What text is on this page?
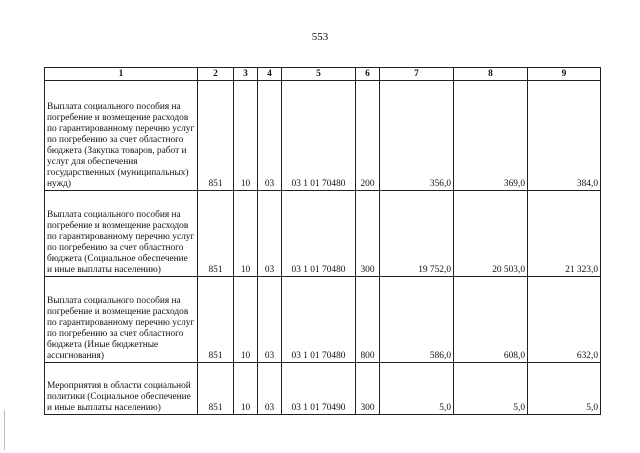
553
1	2	3	4	5	6	7	8	9
Выплата социального пособия на погребение и возмещение расходов по гарантированному перечню услуг по погребению за счет областного бюджета (Закупка товаров, работ и услуг для обеспечения государственных (муниципальных) нужд)	851	10	03	03 1 01 70480	200	356,0	369,0	384,0
Выплата социального пособия на погребение и возмещение расходов по гарантированному перечню услуг по погребению за счет областного бюджета (Социальное обеспечение и иные выплаты населению)	851	10	03	03 1 01 70480	300	19 752,0	20 503,0	21 323,0
Выплата социального пособия на погребение и возмещение расходов по гарантированному перечню услуг по погребению за счет областного бюджета (Иные бюджетные ассигнования)	851	10	03	03 1 01 70480	800	586,0	608,0	632,0
Мероприятия в области социальной политики (Социальное обеспечение и иные выплаты населению)	851	10	03	03 1 01 70490	300	5,0	5,0	5,0
